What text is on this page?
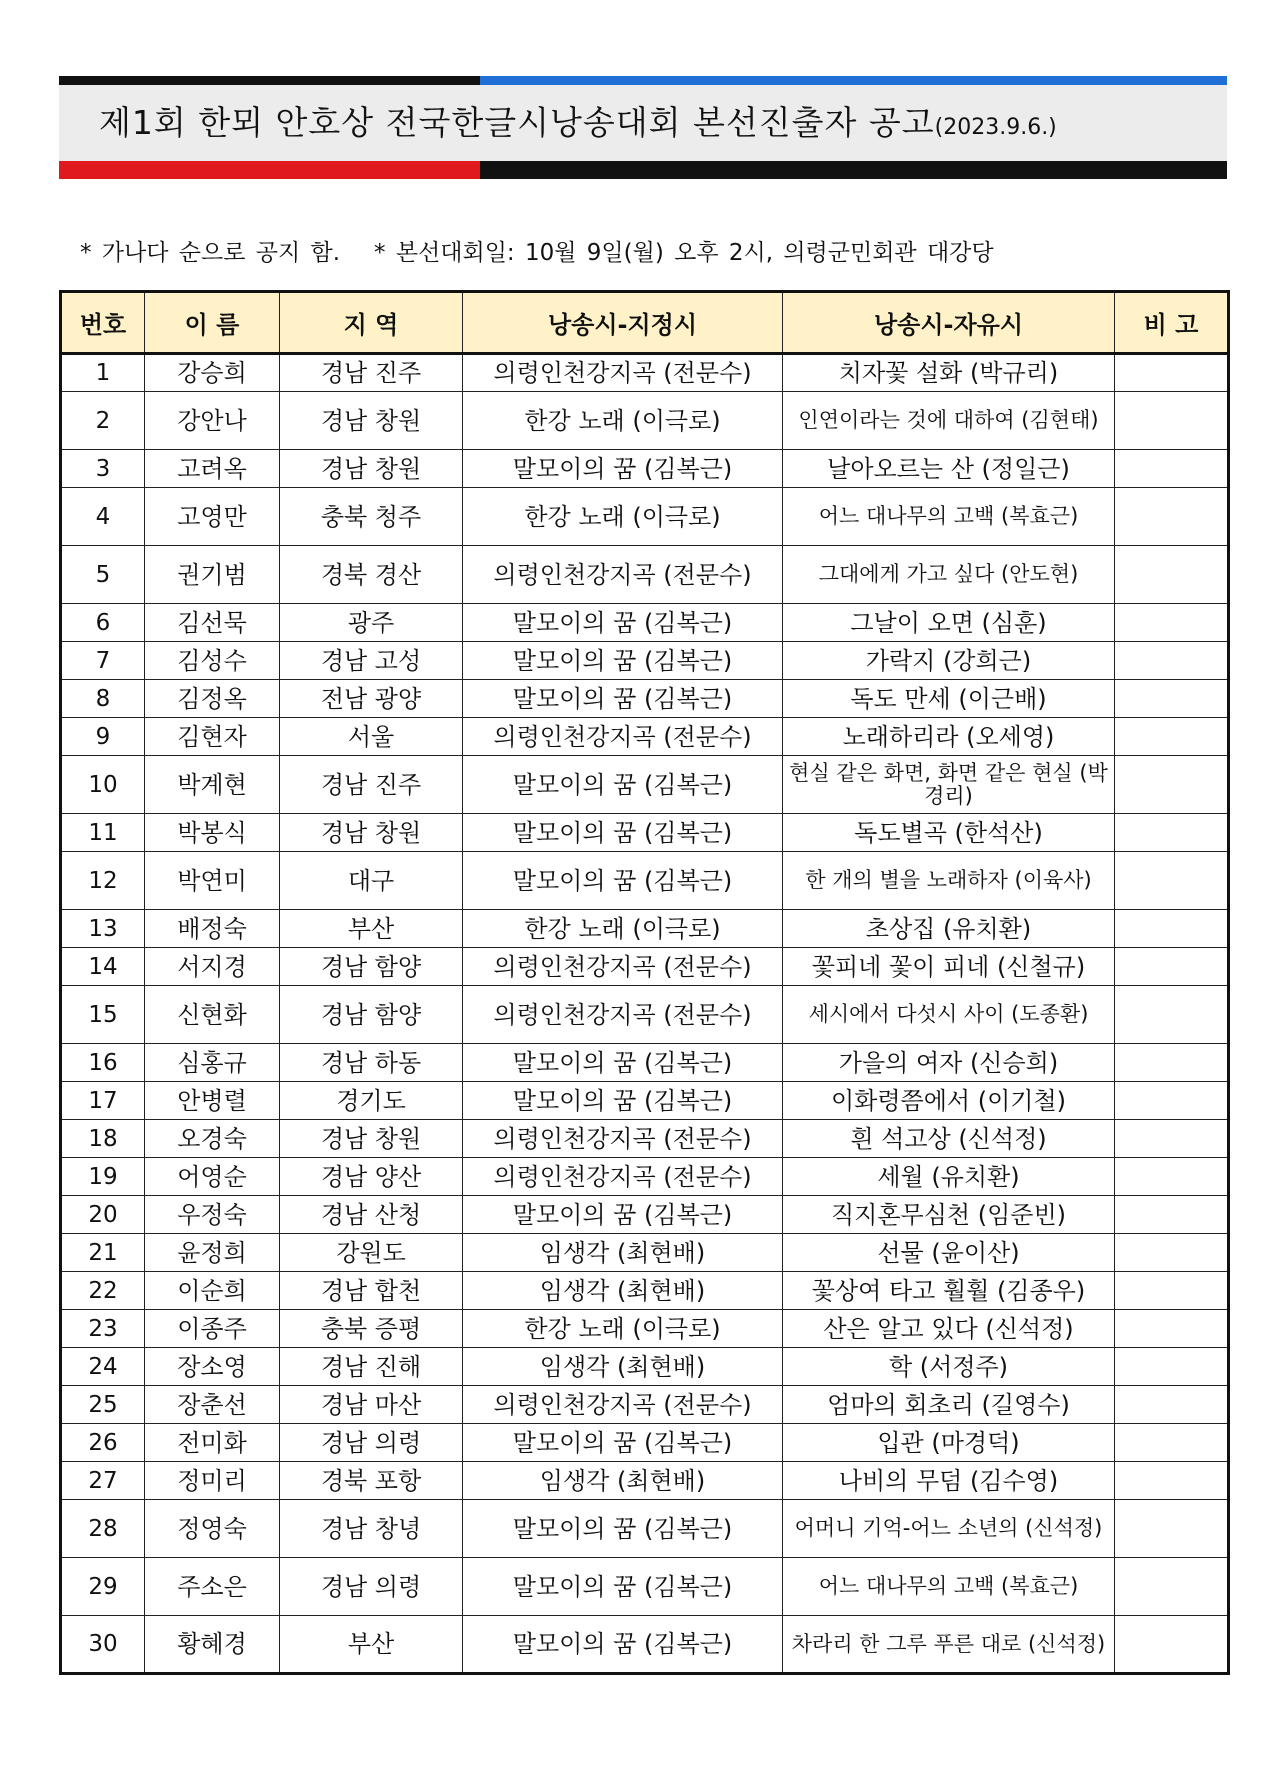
제1회 한뫼 안호상 전국한글시낭송대회 본선진출자 공고(2023.9.6.)
* 가나다 순으로 공지 함. * 본선대회일: 10월 9일(월) 오후 2시, 의령군민회관 대강당
번호	이 름	지 역	낭송시-지정시	낭송시-자유시	비 고
1	강승희	경남 진주	의령인천강지곡 (전문수)	치자꽃 설화 (박규리)	
2	강안나	경남 창원	한강 노래 (이극로)	인연이라는 것에 대하여 (김현태)	
3	고려옥	경남 창원	말모이의 꿈 (김복근)	날아오르는 산 (정일근)	
4	고영만	충북 청주	한강 노래 (이극로)	어느 대나무의 고백 (복효근)	
5	권기범	경북 경산	의령인천강지곡 (전문수)	그대에게 가고 싶다 (안도현)	
6	김선묵	광주	말모이의 꿈 (김복근)	그날이 오면 (심훈)	
7	김성수	경남 고성	말모이의 꿈 (김복근)	가락지 (강희근)	
8	김정옥	전남 광양	말모이의 꿈 (김복근)	독도 만세 (이근배)	
9	김현자	서울	의령인천강지곡 (전문수)	노래하리라 (오세영)	
10	박계현	경남 진주	말모이의 꿈 (김복근)	현실 같은 화면, 화면 같은 현실 (박경리)	
11	박봉식	경남 창원	말모이의 꿈 (김복근)	독도별곡 (한석산)	
12	박연미	대구	말모이의 꿈 (김복근)	한 개의 별을 노래하자 (이육사)	
13	배정숙	부산	한강 노래 (이극로)	초상집 (유치환)	
14	서지경	경남 함양	의령인천강지곡 (전문수)	꽃피네 꽃이 피네 (신철규)	
15	신현화	경남 함양	의령인천강지곡 (전문수)	세시에서 다섯시 사이 (도종환)	
16	심홍규	경남 하동	말모이의 꿈 (김복근)	가을의 여자 (신승희)	
17	안병렬	경기도	말모이의 꿈 (김복근)	이화령쯤에서 (이기철)	
18	오경숙	경남 창원	의령인천강지곡 (전문수)	흰 석고상 (신석정)	
19	어영순	경남 양산	의령인천강지곡 (전문수)	세월 (유치환)	
20	우정숙	경남 산청	말모이의 꿈 (김복근)	직지혼무심천 (임준빈)	
21	윤정희	강원도	임생각 (최현배)	선물 (윤이산)	
22	이순희	경남 합천	임생각 (최현배)	꽃상여 타고 훨훨 (김종우)	
23	이종주	충북 증평	한강 노래 (이극로)	산은 알고 있다 (신석정)	
24	장소영	경남 진해	임생각 (최현배)	학 (서정주)	
25	장춘선	경남 마산	의령인천강지곡 (전문수)	엄마의 회초리 (길영수)	
26	전미화	경남 의령	말모이의 꿈 (김복근)	입관 (마경덕)	
27	정미리	경북 포항	임생각 (최현배)	나비의 무덤 (김수영)	
28	정영숙	경남 창녕	말모이의 꿈 (김복근)	어머니 기억-어느 소년의 (신석정)	
29	주소은	경남 의령	말모이의 꿈 (김복근)	어느 대나무의 고백 (복효근)	
30	황혜경	부산	말모이의 꿈 (김복근)	차라리 한 그루 푸른 대로 (신석정)	
